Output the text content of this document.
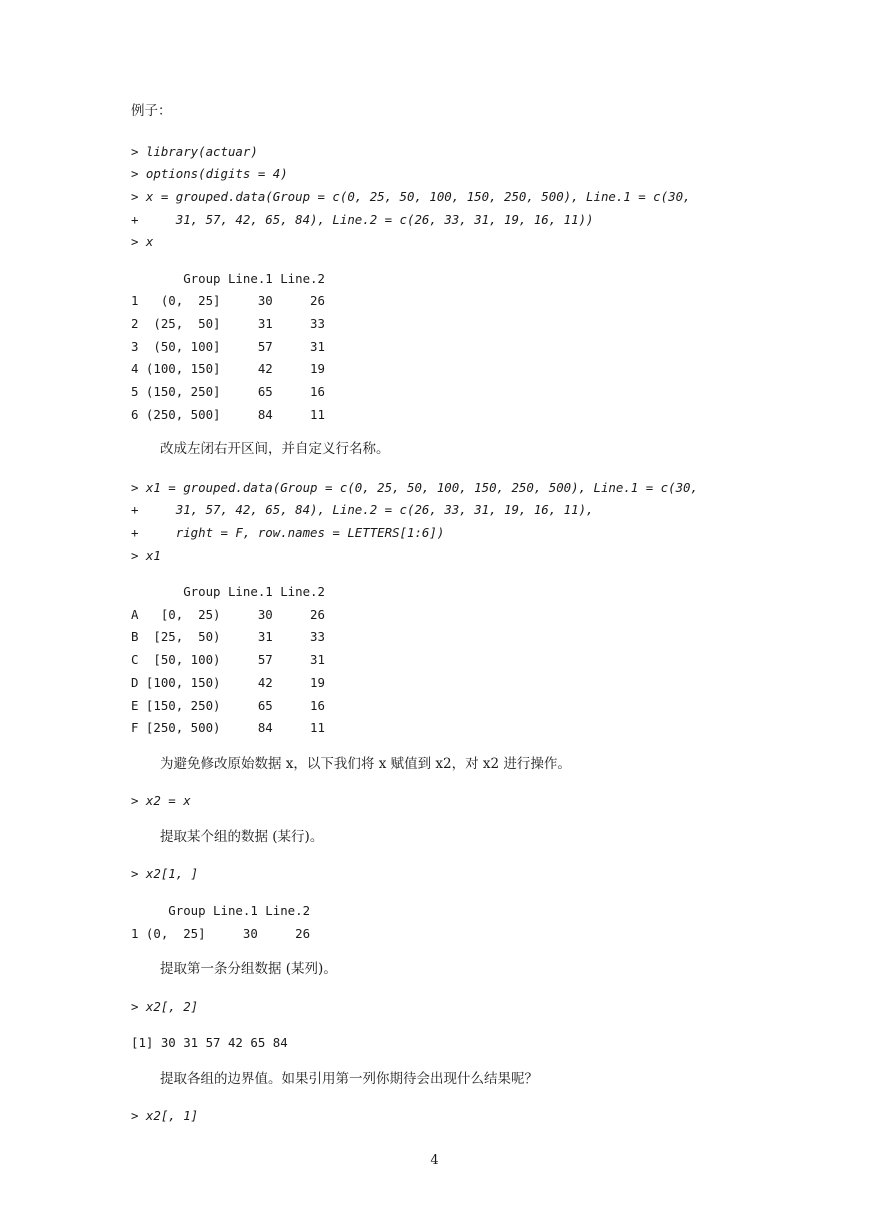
例子：
> library(actuar)
> options(digits = 4)
> x = grouped.data(Group = c(0, 25, 50, 100, 150, 250, 500), Line.1 = c(30,
+     31, 57, 42, 65, 84), Line.2 = c(26, 33, 31, 19, 16, 11))
> x
Group Line.1 Line.2
1   (0,  25]     30     26
2  (25,  50]     31     33
3  (50, 100]     57     31
4 (100, 150]     42     19
5 (150, 250]     65     16
6 (250, 500]     84     11
改成左闭右开区间，并自定义行名称。
> x1 = grouped.data(Group = c(0, 25, 50, 100, 150, 250, 500), Line.1 = c(30,
+     31, 57, 42, 65, 84), Line.2 = c(26, 33, 31, 19, 16, 11),
+     right = F, row.names = LETTERS[1:6])
> x1
Group Line.1 Line.2
A   [0,  25)     30     26
B  [25,  50)     31     33
C  [50, 100)     57     31
D [100, 150)     42     19
E [150, 250)     65     16
F [250, 500)     84     11
为避免修改原始数据 x，以下我们将 x 赋值到 x2，对 x2 进行操作。
> x2 = x
提取某个组的数据 (某行)。
> x2[1, ]
Group Line.1 Line.2
1 (0,  25]     30     26
提取第一条分组数据 (某列)。
> x2[, 2]
[1] 30 31 57 42 65 84
提取各组的边界值。如果引用第一列你期待会出现什么结果呢？
> x2[, 1]
4
